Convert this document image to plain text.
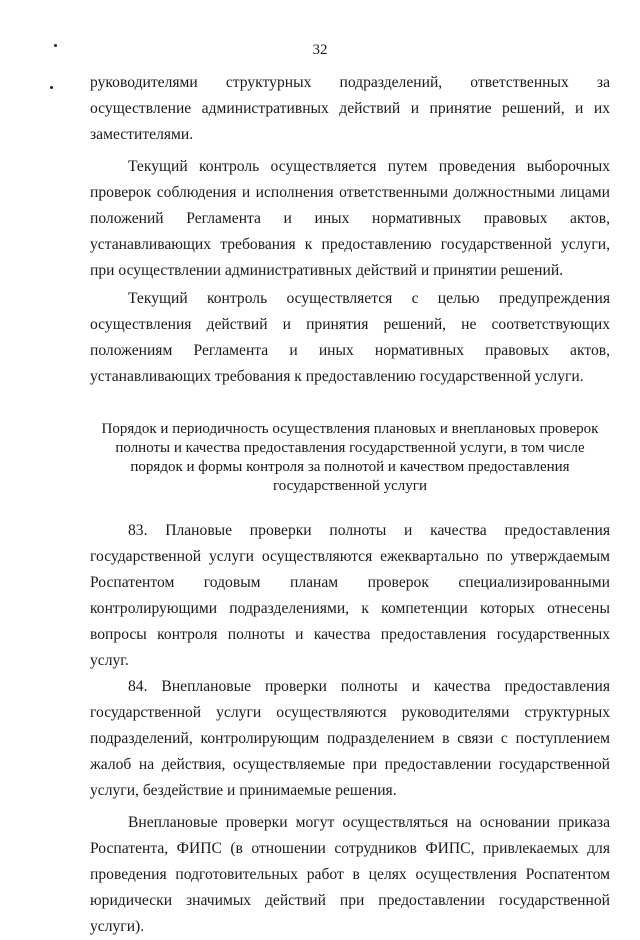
32

руководителями структурных подразделений, ответственных за осуществление административных действий и принятие решений, и их заместителями.

Текущий контроль осуществляется путем проведения выборочных проверок соблюдения и исполнения ответственными должностными лицами положений Регламента и иных нормативных правовых актов, устанавливающих требования к предоставлению государственной услуги, при осуществлении административных действий и принятии решений.

Текущий контроль осуществляется с целью предупреждения осуществления действий и принятия решений, не соответствующих положениям Регламента и иных нормативных правовых актов, устанавливающих требования к предоставлению государственной услуги.

Порядок и периодичность осуществления плановых и внеплановых проверок полноты и качества предоставления государственной услуги, в том числе порядок и формы контроля за полнотой и качеством предоставления государственной услуги

83. Плановые проверки полноты и качества предоставления государственной услуги осуществляются ежеквартально по утверждаемым Роспатентом годовым планам проверок специализированными контролирующими подразделениями, к компетенции которых отнесены вопросы контроля полноты и качества предоставления государственных услуг.

84. Внеплановые проверки полноты и качества предоставления государственной услуги осуществляются руководителями структурных подразделений, контролирующим подразделением в связи с поступлением жалоб на действия, осуществляемые при предоставлении государственной услуги, бездействие и принимаемые решения.

Внеплановые проверки могут осуществляться на основании приказа Роспатента, ФИПС (в отношении сотрудников ФИПС, привлекаемых для проведения подготовительных работ в целях осуществления Роспатентом юридически значимых действий при предоставлении государственной услуги).
